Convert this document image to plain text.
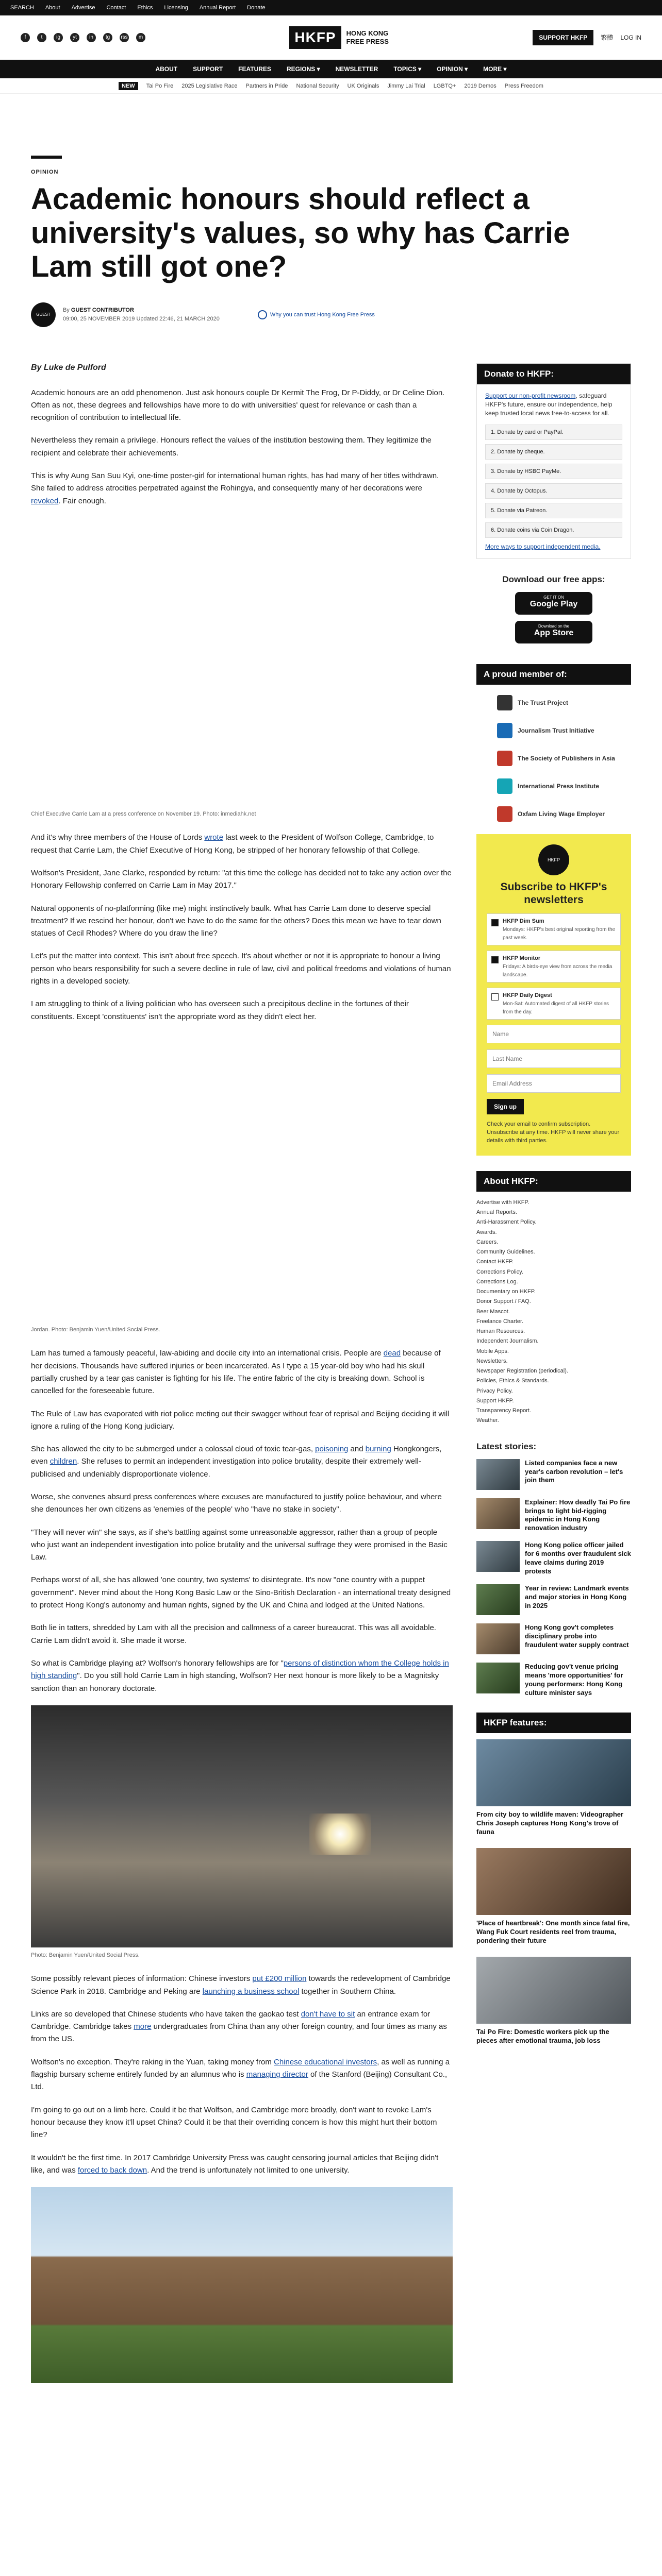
SEARCH About Advertise Contact Ethics Licensing Annual Report Donate
f	t	ig	yt	in	tg	rss	m	HKFP	HONG KONG
FREE PRESS	SUPPORT HKFP	繁體 LOG IN
ABOUT	SUPPORT	FEATURES	REGIONS ▾	NEWSLETTER	TOPICS ▾	OPINION ▾	MORE ▾
NEW	Tai Po Fire 2025 Legislative Race Partners in Pride National Security UK Originals Jimmy Lai Trial LGBTQ+ 2019 Demos Press Freedom
OPINION
Academic honours should reflect a university's values, so why has Carrie Lam still got one?
GUEST
By GUEST CONTRIBUTOR
09:00, 25 NOVEMBER 2019 Updated 22:46, 21 MARCH 2020
Why you can trust Hong Kong Free Press
By Luke de Pulford

Academic honours are an odd phenomenon. Just ask honours couple Dr Kermit The Frog, Dr P-Diddy, or Dr Celine Dion. Often as not, these degrees and fellowships have more to do with universities' quest for relevance or cash than a recognition of contribution to intellectual life.

Nevertheless they remain a privilege. Honours reflect the values of the institution bestowing them. They legitimize the recipient and celebrate their achievements.

This is why Aung San Suu Kyi, one-time poster-girl for international human rights, has had many of her titles withdrawn. She failed to address atrocities perpetrated against the Rohingya, and consequently many of her decorations were revoked. Fair enough.

Chief Executive Carrie Lam at a press conference on November 19. Photo: inmediahk.net

And it's why three members of the House of Lords wrote last week to the President of Wolfson College, Cambridge, to request that Carrie Lam, the Chief Executive of Hong Kong, be stripped of her honorary fellowship of that College.

Wolfson's President, Jane Clarke, responded by return: "at this time the college has decided not to take any action over the Honorary Fellowship conferred on Carrie Lam in May 2017."

Natural opponents of no-platforming (like me) might instinctively baulk. What has Carrie Lam done to deserve special treatment? If we rescind her honour, don't we have to do the same for the others? Does this mean we have to tear down statues of Cecil Rhodes? Where do you draw the line?

Let's put the matter into context. This isn't about free speech. It's about whether or not it is appropriate to honour a living person who bears responsibility for such a severe decline in rule of law, civil and political freedoms and violations of human rights in a developed society.

I am struggling to think of a living politician who has overseen such a precipitous decline in the fortunes of their constituents. Except 'constituents' isn't the appropriate word as they didn't elect her.

Jordan. Photo: Benjamin Yuen/United Social Press.

Lam has turned a famously peaceful, law-abiding and docile city into an international crisis. People are dead because of her decisions. Thousands have suffered injuries or been incarcerated. As I type a 15 year-old boy who had his skull partially crushed by a tear gas canister is fighting for his life. The entire fabric of the city is breaking down. School is cancelled for the foreseeable future.

The Rule of Law has evaporated with riot police meting out their swagger without fear of reprisal and Beijing deciding it will ignore a ruling of the Hong Kong judiciary.

She has allowed the city to be submerged under a colossal cloud of toxic tear-gas, poisoning and burning Hongkongers, even children. She refuses to permit an independent investigation into police brutality, despite their extremely well-publicised and undeniably disproportionate violence.

Worse, she convenes absurd press conferences where excuses are manufactured to justify police behaviour, and where she denounces her own citizens as 'enemies of the people' who "have no stake in society".

"They will never win" she says, as if she's battling against some unreasonable aggressor, rather than a group of people who just want an independent investigation into police brutality and the universal suffrage they were promised in the Basic Law.

Perhaps worst of all, she has allowed 'one country, two systems' to disintegrate. It's now "one country with a puppet government". Never mind about the Hong Kong Basic Law or the Sino-British Declaration - an international treaty designed to protect Hong Kong's autonomy and human rights, signed by the UK and China and lodged at the United Nations.

Both lie in tatters, shredded by Lam with all the precision and callmness of a career bureaucrat. This was all avoidable. Carrie Lam didn't avoid it. She made it worse.

So what is Cambridge playing at? Wolfson's honorary fellowships are for "persons of distinction whom the College holds in high standing". Do you still hold Carrie Lam in high standing, Wolfson? Her next honour is more likely to be a Magnitsky sanction than an honorary doctorate.

Photo: Benjamin Yuen/United Social Press.

Some possibly relevant pieces of information: Chinese investors put £200 million towards the redevelopment of Cambridge Science Park in 2018. Cambridge and Peking are launching a business school together in Southern China.

Links are so developed that Chinese students who have taken the gaokao test don't have to sit an entrance exam for Cambridge. Cambridge takes more undergraduates from China than any other foreign country, and four times as many as from the US.

Wolfson's no exception. They're raking in the Yuan, taking money from Chinese educational investors, as well as running a flagship bursary scheme entirely funded by an alumnus who is managing director of the Stanford (Beijing) Consultant Co., Ltd.

I'm going to go out on a limb here. Could it be that Wolfson, and Cambridge more broadly, don't want to revoke Lam's honour because they know it'll upset China? Could it be that their overriding concern is how this might hurt their bottom line?

It wouldn't be the first time. In 2017 Cambridge University Press was caught censoring journal articles that Beijing didn't like, and was forced to back down. And the trend is unfortunately not limited to one university.

Donate to HKFP:

Support our non-profit newsroom, safeguard HKFP's future, ensure our independence, help keep trusted local news free-to-access for all.

1. Donate by card or PayPal.
2. Donate by cheque.
3. Donate by HSBC PayMe.
4. Donate by Octopus.
5. Donate via Patreon.
6. Donate coins via Coin Dragon.
More ways to support independent media.
Download our free apps:
GET IT ON
Google Play
Download on the
App Store
A proud member of:
The Trust Project
Journalism Trust Initiative
The Society of Publishers in Asia
International Press Institute
Oxfam Living Wage Employer
HKFP
Subscribe to HKFP's newsletters
HKFP Dim Sum
Mondays: HKFP's best original reporting from the past week.
HKFP Monitor
Fridays: A birds-eye view from across the media landscape.
HKFP Daily Digest
Mon-Sat: Automated digest of all HKFP stories from the day.
Name Last Name Email Address Sign up
Check your email to confirm subscription. Unsubscribe at any time. HKFP will never share your details with third parties.
About HKFP:
Advertise with HKFP.
Annual Reports.
Anti-Harassment Policy.
Awards.
Careers.
Community Guidelines.
Contact HKFP.
Corrections Policy.
Corrections Log.
Documentary on HKFP.
Donor Support / FAQ.
Beer Mascot.
Freelance Charter.
Human Resources.
Independent Journalism.
Mobile Apps.
Newsletters.
Newspaper Registration (periodical).
Policies, Ethics & Standards.
Privacy Policy.
Support HKFP.
Transparency Report.
Weather.
Latest stories:

Listed companies face a new year's carbon revolution – let's join them

Explainer: How deadly Tai Po fire brings to light bid-rigging epidemic in Hong Kong renovation industry

Hong Kong police officer jailed for 6 months over fraudulent sick leave claims during 2019 protests

Year in review: Landmark events and major stories in Hong Kong in 2025

Hong Kong gov't completes disciplinary probe into fraudulent water supply contract

Reducing gov't venue pricing means 'more opportunities' for young performers: Hong Kong culture minister says

HKFP features:
From city boy to wildlife maven: Videographer Chris Joseph captures Hong Kong's trove of fauna
'Place of heartbreak': One month since fatal fire, Wang Fuk Court residents reel from trauma, pondering their future
Tai Po Fire: Domestic workers pick up the pieces after emotional trauma, job loss
